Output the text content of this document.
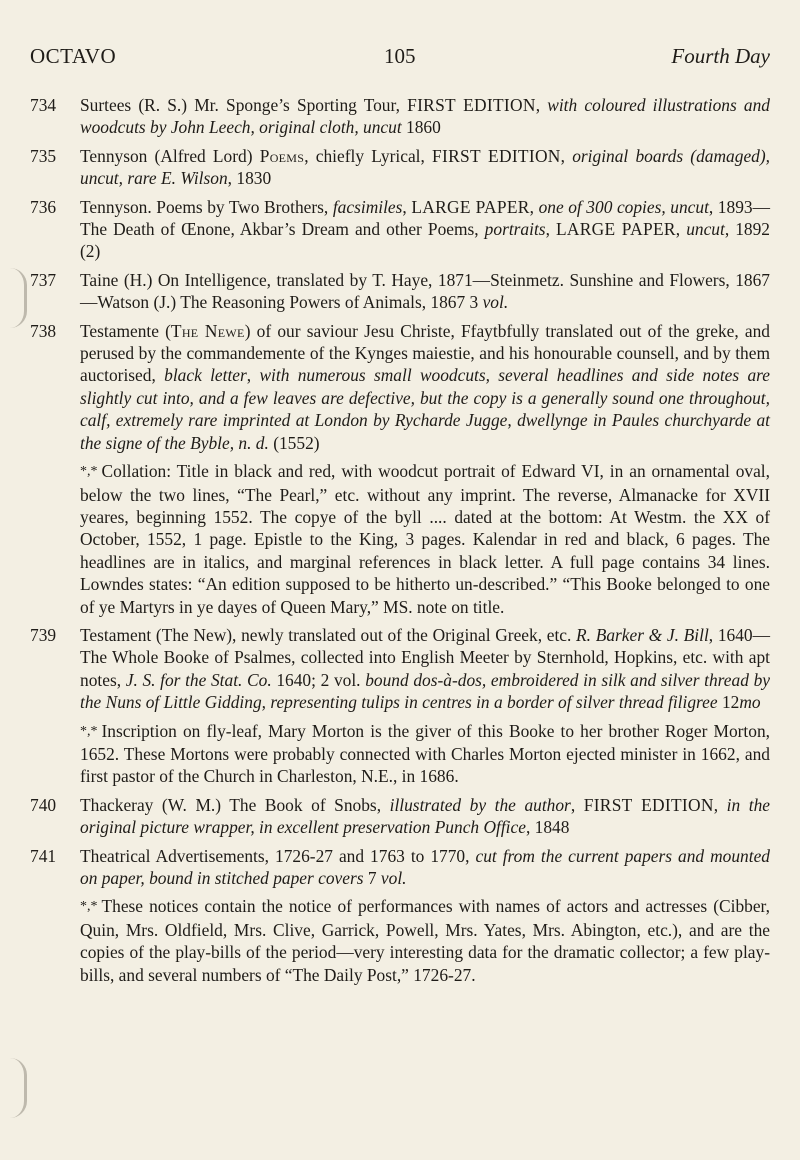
OCTAVO	105	Fourth Day
734	Surtees (R. S.) Mr. Sponge’s Sporting Tour, FIRST EDITION, with coloured illustrations and woodcuts by John Leech, original cloth, uncut 1860
735	Tennyson (Alfred Lord) Poems, chiefly Lyrical, FIRST EDITION, original boards (damaged), uncut, rare E. Wilson, 1830
736	Tennyson. Poems by Two Brothers, facsimiles, LARGE PAPER, one of 300 copies, uncut, 1893—The Death of Œnone, Akbar’s Dream and other Poems, portraits, LARGE PAPER, uncut, 1892 (2)
737	Taine (H.) On Intelligence, translated by T. Haye, 1871—Steinmetz. Sunshine and Flowers, 1867—Watson (J.) The Reasoning Powers of Animals, 1867 3 vol.
738	Testamente (The Newe) of our saviour Jesu Christe, Ffaytbfully translated out of the greke, and perused by the commandemente of the Kynges maiestie, and his honourable counsell, and by them auctorised, black letter, with numerous small woodcuts, several headlines and side notes are slightly cut into, and a few leaves are defective, but the copy is a generally sound one throughout, calf, extremely rare imprinted at London by Rycharde Jugge, dwellynge in Paules churchyarde at the signe of the Byble, n. d. (1552)
*,* Collation: Title in black and red, with woodcut portrait of Edward VI, in an ornamental oval, below the two lines, “The Pearl,” etc. without any imprint. The reverse, Almanacke for XVII yeares, beginning 1552. The copye of the byll .... dated at the bottom: At Westm. the XX of October, 1552, 1 page. Epistle to the King, 3 pages. Kalendar in red and black, 6 pages. The headlines are in italics, and marginal references in black letter. A full page contains 34 lines. Lowndes states: “An edition supposed to be hitherto un-described.” “This Booke belonged to one of ye Martyrs in ye dayes of Queen Mary,” MS. note on title.
739	Testament (The New), newly translated out of the Original Greek, etc. R. Barker & J. Bill, 1640—The Whole Booke of Psalmes, collected into English Meeter by Sternhold, Hopkins, etc. with apt notes, J. S. for the Stat. Co. 1640; 2 vol. bound dos-à-dos, embroidered in silk and silver thread by the Nuns of Little Gidding, representing tulips in centres in a border of silver thread filigree 12mo
*,* Inscription on fly-leaf, Mary Morton is the giver of this Booke to her brother Roger Morton, 1652. These Mortons were probably connected with Charles Morton ejected minister in 1662, and first pastor of the Church in Charleston, N.E., in 1686.
740	Thackeray (W. M.) The Book of Snobs, illustrated by the author, FIRST EDITION, in the original picture wrapper, in excellent preservation Punch Office, 1848
741	Theatrical Advertisements, 1726-27 and 1763 to 1770, cut from the current papers and mounted on paper, bound in stitched paper covers 7 vol.
*,* These notices contain the notice of performances with names of actors and actresses (Cibber, Quin, Mrs. Oldfield, Mrs. Clive, Garrick, Powell, Mrs. Yates, Mrs. Abington, etc.), and are the copies of the play-bills of the period—very interesting data for the dramatic collector; a few play-bills, and several numbers of “The Daily Post,” 1726-27.
